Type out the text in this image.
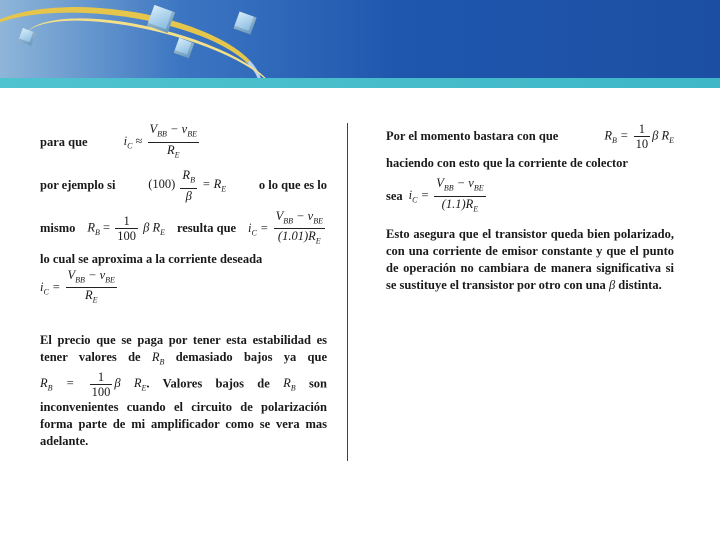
para que	$i_C \approx \frac{V_{BB} - v_{BE}}{R_E}$
por ejemplo si	$(100) \frac{R_B}{\beta} = R_E$	o lo que es lo
mismo $R_B = \frac{1}{100}$ β $R_E$ resulta que $i_C = \frac{V_{BB} - v_{BE}}{(1.01)R_E}$

lo cual se aproxima a la corriente deseada

$i_C = \frac{V_{BB} - v_{BE}}{R_E}$

El precio que se paga por tener esta estabilidad es tener valores de $R_B$ demasiado bajos ya que $R_B = \frac{1}{100}$ β $R_E$. Valores bajos de $R_B$ son inconvenientes cuando el circuito de polarización forma parte de mi amplificador como se vera mas adelante.

Por el momento bastara con que	$R_B = \frac{1}{10}$ β $R_E$

haciendo con esto que la corriente de colector

sea $i_C = \frac{V_{BB} - v_{BE}}{(1.1)R_E}$

Esto asegura que el transistor queda bien polarizado, con una corriente de emisor constante y que el punto de operación no cambiara de manera significativa si se sustituye el transistor por otro con una β distinta.
